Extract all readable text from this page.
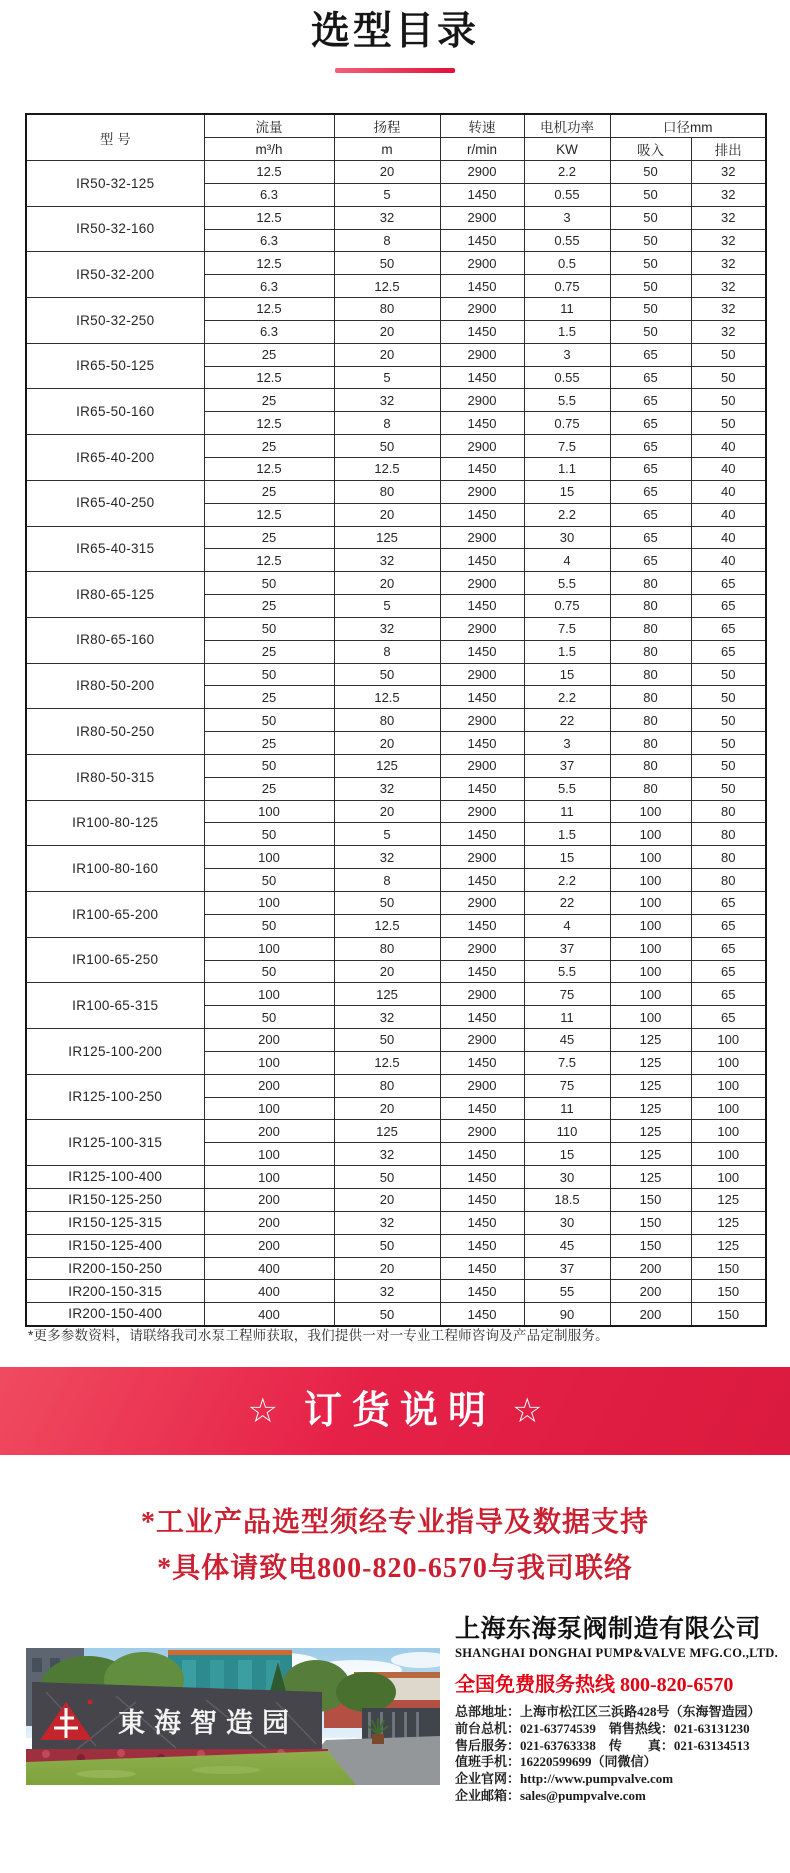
选型目录
型 号	流量	扬程	转速	电机功率	口径mm	
	m³/h	m	r/min	KW	吸入	排出
IR50-32-125	12.5	20	2900	2.2	50	32
	6.3	5	1450	0.55	50	32
IR50-32-160	12.5	32	2900	3	50	32
	6.3	8	1450	0.55	50	32
IR50-32-200	12.5	50	2900	0.5	50	32
	6.3	12.5	1450	0.75	50	32
IR50-32-250	12.5	80	2900	11	50	32
	6.3	20	1450	1.5	50	32
IR65-50-125	25	20	2900	3	65	50
	12.5	5	1450	0.55	65	50
IR65-50-160	25	32	2900	5.5	65	50
	12.5	8	1450	0.75	65	50
IR65-40-200	25	50	2900	7.5	65	40
	12.5	12.5	1450	1.1	65	40
IR65-40-250	25	80	2900	15	65	40
	12.5	20	1450	2.2	65	40
IR65-40-315	25	125	2900	30	65	40
	12.5	32	1450	4	65	40
IR80-65-125	50	20	2900	5.5	80	65
	25	5	1450	0.75	80	65
IR80-65-160	50	32	2900	7.5	80	65
	25	8	1450	1.5	80	65
IR80-50-200	50	50	2900	15	80	50
	25	12.5	1450	2.2	80	50
IR80-50-250	50	80	2900	22	80	50
	25	20	1450	3	80	50
IR80-50-315	50	125	2900	37	80	50
	25	32	1450	5.5	80	50
IR100-80-125	100	20	2900	11	100	80
	50	5	1450	1.5	100	80
IR100-80-160	100	32	2900	15	100	80
	50	8	1450	2.2	100	80
IR100-65-200	100	50	2900	22	100	65
	50	12.5	1450	4	100	65
IR100-65-250	100	80	2900	37	100	65
	50	20	1450	5.5	100	65
IR100-65-315	100	125	2900	75	100	65
	50	32	1450	11	100	65
IR125-100-200	200	50	2900	45	125	100
	100	12.5	1450	7.5	125	100
IR125-100-250	200	80	2900	75	125	100
	100	20	1450	11	125	100
IR125-100-315	200	125	2900	110	125	100
	100	32	1450	15	125	100
IR125-100-400	100	50	1450	30	125	100
IR150-125-250	200	20	1450	18.5	150	125
IR150-125-315	200	32	1450	30	150	125
IR150-125-400	200	50	1450	45	150	125
IR200-150-250	400	20	1450	37	200	150
IR200-150-315	400	32	1450	55	200	150
IR200-150-400	400	50	1450	90	200	150
*更多参数资料，请联络我司水泵工程师获取，我们提供一对一专业工程师咨询及产品定制服务。
☆ 订货说明 ☆
*工业产品选型须经专业指导及数据支持
*具体请致电800-820-6570与我司联络
東海智造园
上海东海泵阀制造有限公司
SHANGHAI DONGHAI PUMP&VALVE MFG.CO.,LTD.
全国免费服务热线 800-820-6570
总部地址：上海市松江区三浜路428号（东海智造园）
前台总机：021-63774539　销售热线：021-63131230
售后服务：021-63763338　传　　真：021-63134513
值班手机：16220599699（同微信）
企业官网：http://www.pumpvalve.com
企业邮箱：sales@pumpvalve.com
